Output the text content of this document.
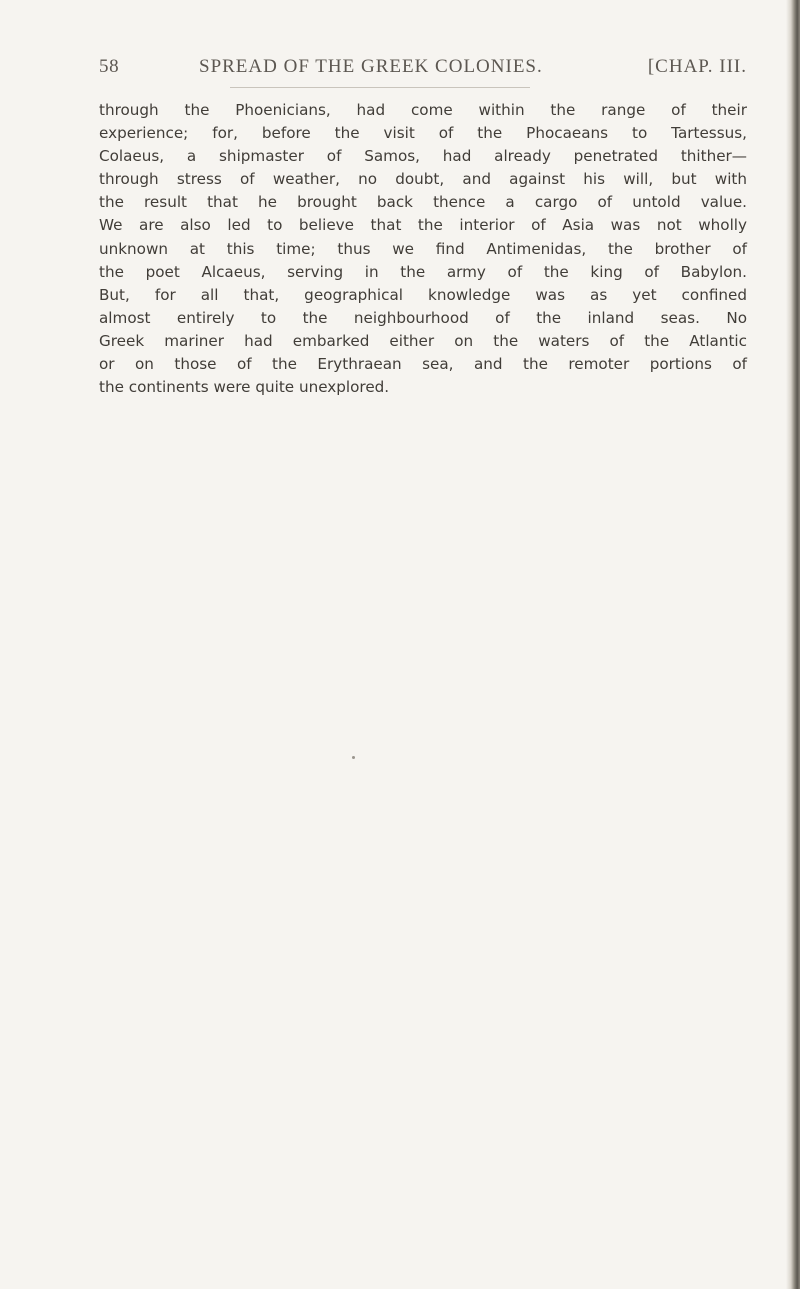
58	SPREAD OF THE GREEK COLONIES.	[CHAP. III.
through the Phoenicians, had come within the range of their
experience; for, before the visit of the Phocaeans to Tartessus,
Colaeus, a shipmaster of Samos, had already penetrated thither—
through stress of weather, no doubt, and against his will, but with
the result that he brought back thence a cargo of untold value.
We are also led to believe that the interior of Asia was not wholly
unknown at this time; thus we find Antimenidas, the brother of
the poet Alcaeus, serving in the army of the king of Babylon.
But, for all that, geographical knowledge was as yet confined
almost entirely to the neighbourhood of the inland seas. No
Greek mariner had embarked either on the waters of the Atlantic
or on those of the Erythraean sea, and the remoter portions of
the continents were quite unexplored.
